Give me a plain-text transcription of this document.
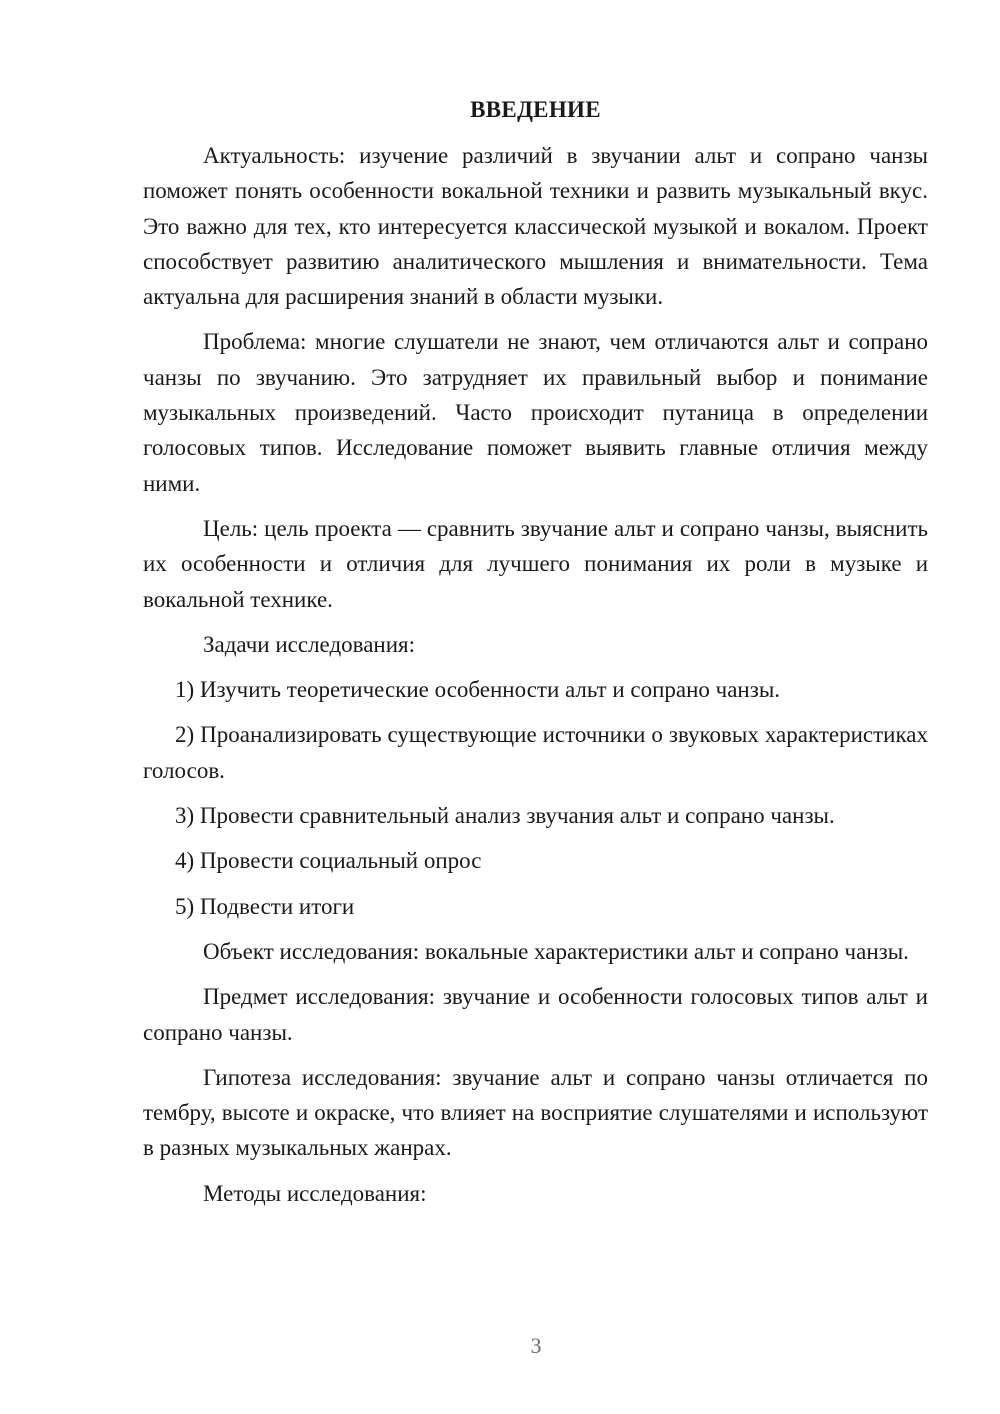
ВВЕДЕНИЕ

Актуальность: изучение различий в звучании альт и сопрано чанзы поможет понять особенности вокальной техники и развить музыкальный вкус. Это важно для тех, кто интересуется классической музыкой и вокалом. Проект способствует развитию аналитического мышления и внимательности. Тема актуальна для расширения знаний в области музыки.

Проблема: многие слушатели не знают, чем отличаются альт и сопрано чанзы по звучанию. Это затрудняет их правильный выбор и понимание музыкальных произведений. Часто происходит путаница в определении голосовых типов. Исследование поможет выявить главные отличия между ними.

Цель: цель проекта — сравнить звучание альт и сопрано чанзы, выяснить их особенности и отличия для лучшего понимания их роли в музыке и вокальной технике.

Задачи исследования:

1) Изучить теоретические особенности альт и сопрано чанзы.

2) Проанализировать существующие источники о звуковых характеристиках голосов.

3) Провести сравнительный анализ звучания альт и сопрано чанзы.

4) Провести социальный опрос

5) Подвести итоги

Объект исследования: вокальные характеристики альт и сопрано чанзы.

Предмет исследования: звучание и особенности голосовых типов альт и сопрано чанзы.

Гипотеза исследования: звучание альт и сопрано чанзы отличается по тембру, высоте и окраске, что влияет на восприятие слушателями и используют в разных музыкальных жанрах.

Методы исследования:

3
